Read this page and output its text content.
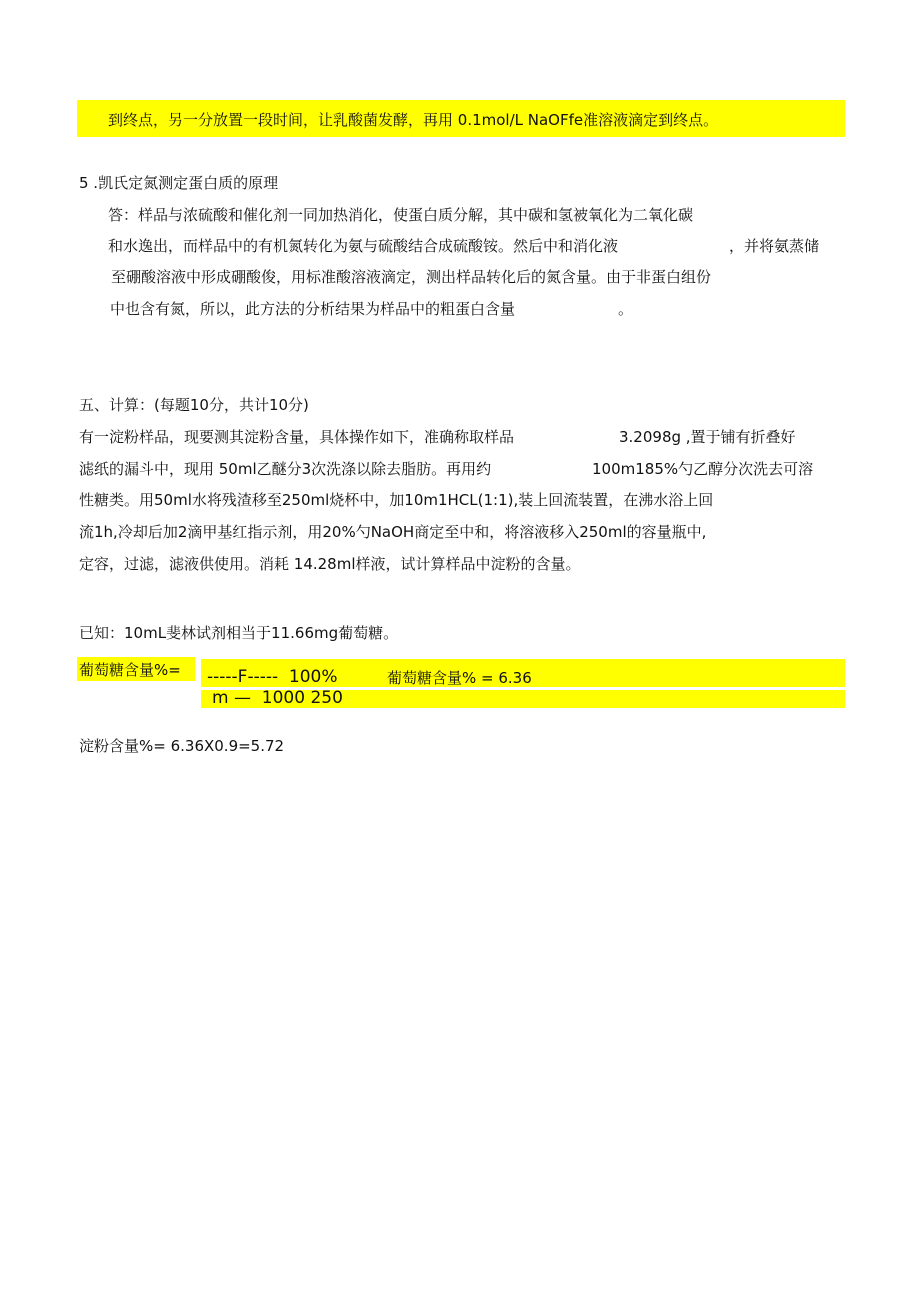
到终点，另一分放置一段时间，让乳酸菌发酵，再用 0.1mol/L NaOFfe准溶液滴定到终点。
5 .凯氏定氮测定蛋白质的原理
答：样品与浓硫酸和催化剂一同加热消化，使蛋白质分解，其中碳和氢被氧化为二氧化碳
和水逸出，而样品中的有机氮转化为氨与硫酸结合成硫酸铵。然后中和消化液	，并将氨蒸储
至硼酸溶液中形成硼酸俊，用标准酸溶液滴定，测出样品转化后的氮含量。由于非蛋白组份
中也含有氮，所以，此方法的分析结果为样品中的粗蛋白含量	。
五、计算：(每题10分，共计10分)
有一淀粉样品，现要测其淀粉含量，具体操作如下，准确称取样品	3.2098g ,置于铺有折叠好
滤纸的漏斗中，现用 50ml乙醚分3次洗涤以除去脂肪。再用约	100m185%勺乙醇分次洗去可溶
性糖类。用50ml水将残渣移至250ml烧杯中，加10m1HCL(1:1),装上回流装置，在沸水浴上回
流1h,冷却后加2滴甲基红指示剂，用20%勺NaOH商定至中和，将溶液移入250ml的容量瓶中,
定容，过滤，滤液供使用。消耗 14.28ml样液，试计算样品中淀粉的含量。
已知：10mL斐林试剂相当于11.66mg葡萄糖。
葡萄糖含量%= -----F-----  100%	葡萄糖含量% = 6.36
m —  1000 250
淀粉含量%= 6.36X0.9=5.72
